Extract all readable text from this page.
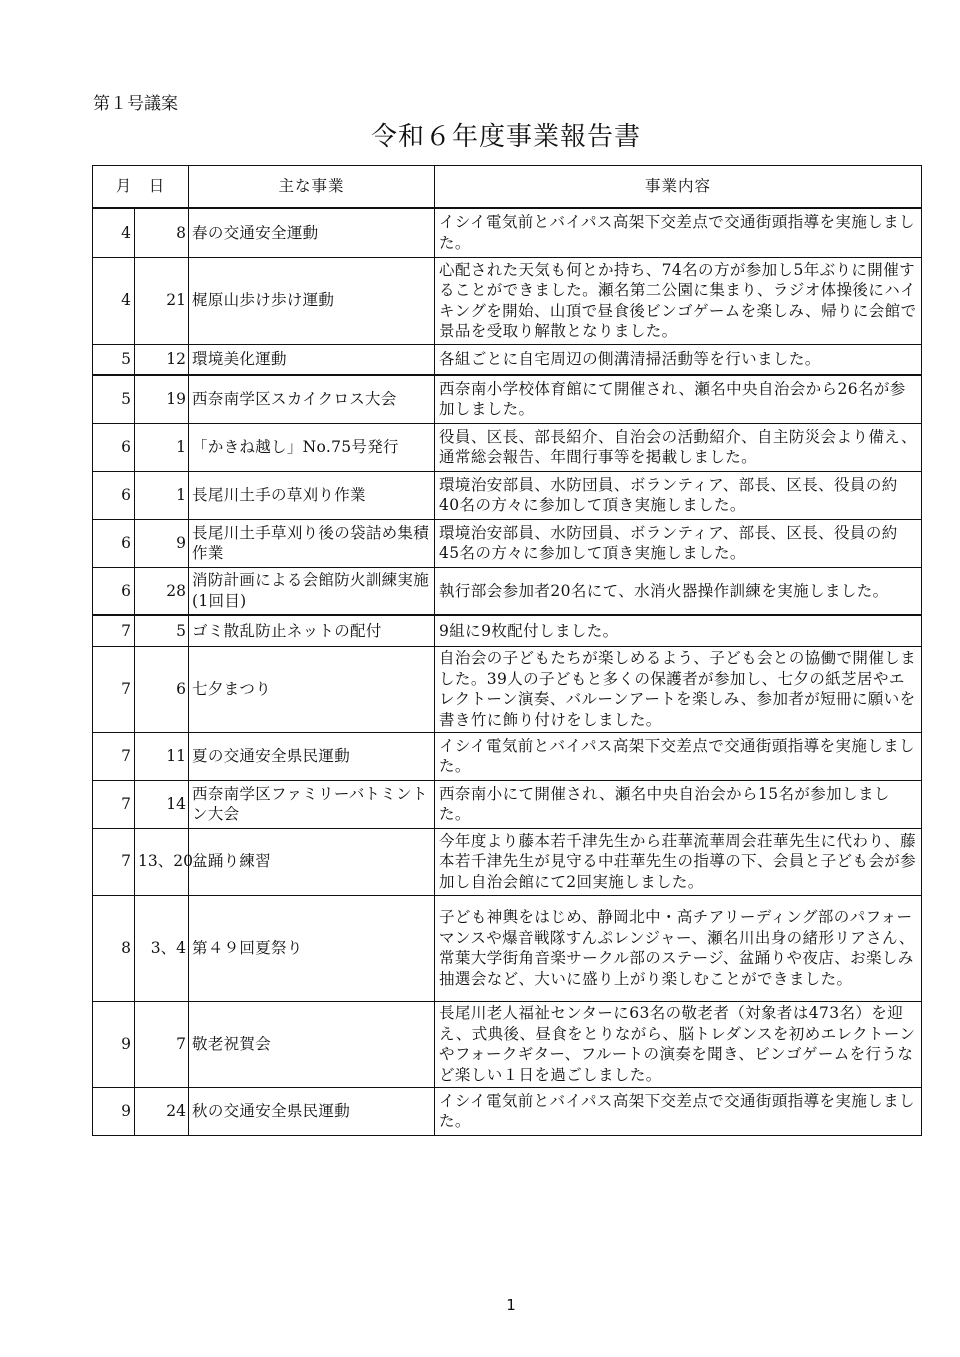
第１号議案
令和６年度事業報告書
月　日		主な事業	事業内容
4	8	春の交通安全運動	イシイ電気前とバイパス高架下交差点で交通街頭指導を実施しました。
4	21	梶原山歩け歩け運動	心配された天気も何とか持ち、74名の方が参加し5年ぶりに開催することができました。瀬名第二公園に集まり、ラジオ体操後にハイキングを開始、山頂で昼食後ビンゴゲームを楽しみ、帰りに会館で景品を受取り解散となりました。
5	12	環境美化運動	各組ごとに自宅周辺の側溝清掃活動等を行いました。
5	19	西奈南学区スカイクロス大会	西奈南小学校体育館にて開催され、瀬名中央自治会から26名が参加しました。
6	1	「かきね越し」No.75号発行	役員、区長、部長紹介、自治会の活動紹介、自主防災会より備え、通常総会報告、年間行事等を掲載しました。
6	1	長尾川土手の草刈り作業	環境治安部員、水防団員、ボランティア、部長、区長、役員の約40名の方々に参加して頂き実施しました。
6	9	長尾川土手草刈り後の袋詰め集積作業	環境治安部員、水防団員、ボランティア、部長、区長、役員の約45名の方々に参加して頂き実施しました。
6	28	消防計画による会館防火訓練実施(1回目)	執行部会参加者20名にて、水消火器操作訓練を実施しました。
7	5	ゴミ散乱防止ネットの配付	9組に9枚配付しました。
7	6	七夕まつり	自治会の子どもたちが楽しめるよう、子ども会との協働で開催しました。39人の子どもと多くの保護者が参加し、七夕の紙芝居やエレクトーン演奏、バルーンアートを楽しみ、参加者が短冊に願いを書き竹に飾り付けをしました。
7	11	夏の交通安全県民運動	イシイ電気前とバイパス高架下交差点で交通街頭指導を実施しました。
7	14	西奈南学区ファミリーバトミントン大会	西奈南小にて開催され、瀬名中央自治会から15名が参加しました。
7	13、20	盆踊り練習	今年度より藤本若千津先生から荘華流華周会荘華先生に代わり、藤本若千津先生が見守る中荘華先生の指導の下、会員と子ども会が参加し自治会館にて2回実施しました。
8	3、4	第４９回夏祭り	子ども神輿をはじめ、静岡北中・高チアリーディング部のパフォーマンスや爆音戦隊すんぷレンジャー、瀬名川出身の緒形リアさん、常葉大学街角音楽サークル部のステージ、盆踊りや夜店、お楽しみ抽選会など、大いに盛り上がり楽しむことができました。
9	7	敬老祝賀会	長尾川老人福祉センターに63名の敬老者（対象者は473名）を迎え、式典後、昼食をとりながら、脳トレダンスを初めエレクトーンやフォークギター、フルートの演奏を聞き、ビンゴゲームを行うなど楽しい１日を過ごしました。
9	24	秋の交通安全県民運動	イシイ電気前とバイパス高架下交差点で交通街頭指導を実施しました。
1
